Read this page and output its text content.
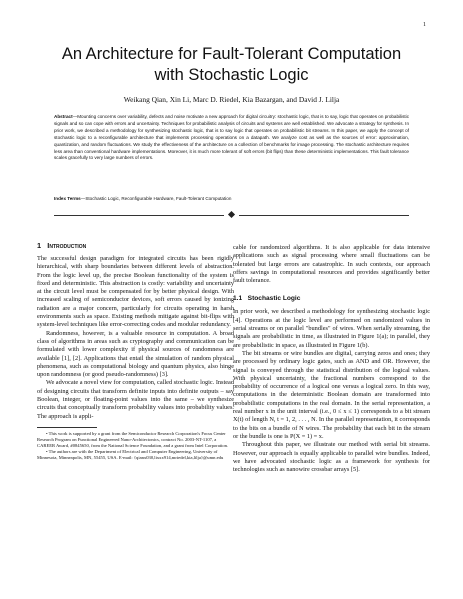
1
An Architecture for Fault-Tolerant Computation
with Stochastic Logic
Weikang Qian, Xin Li, Marc D. Riedel, Kia Bazargan, and David J. Lilja

Abstract—Mounting concerns over variability, defects and noise motivate a new approach for digital circuitry: stochastic logic, that is to say, logic that operates on probabilistic signals and so can cope with errors and uncertainty. Techniques for probabilistic analysis of circuits and systems are well established. We advocate a strategy for synthesis. In prior work, we described a methodology for synthesizing stochastic logic, that is to say logic that operates on probabilistic bit streams. In this paper, we apply the concept of stochastic logic to a reconfigurable architecture that implements processing operations on a datapath. We analyze cost as well as the sources of error: approximation, quantization, and random fluctuations. We study the effectiveness of the architecture on a collection of benchmarks for image processing. The stochastic architecture requires less area than conventional hardware implementations. Moreover, it is much more tolerant of soft errors (bit flips) than these deterministic implementations. This fault tolerance scales gracefully to very large numbers of errors.

Index Terms—Stochastic Logic, Reconfigurable Hardware, Fault-Tolerant Computation
1 Introduction

The successful design paradigm for integrated circuits has been rigidly hierarchical, with sharp boundaries between different levels of abstraction. From the logic level up, the precise Boolean functionality of the system is fixed and deterministic. This abstraction is costly: variability and uncertainty at the circuit level must be compensated for by better physical design. With increased scaling of semiconductor devices, soft errors caused by ionizing radiation are a major concern, particularly for circuits operating in harsh environments such as space. Existing methods mitigate against bit-flips with system-level techniques like error-correcting codes and modular redundancy.

Randomness, however, is a valuable resource in computation. A broad class of algorithms in areas such as cryptography and communication can be formulated with lower complexity if physical sources of randomness are available [1], [2]. Applications that entail the simulation of random physical phenomena, such as computational biology and quantum physics, also hinge upon randomness (or good pseudo-randomness) [3].

We advocate a novel view for computation, called stochastic logic. Instead of designing circuits that transform definite inputs into definite outputs – say Boolean, integer, or floating-point values into the same – we synthesize circuits that conceptually transform probability values into probability values. The approach is appli-

• This work is supported by a grant from the Semiconductor Research Corporation's Focus Center Research Program on Functional Engineered Nano-Architectonics, contract No. 2003-NT-1107, a CAREER Award, #0845650, from the National Science Foundation, and a grant from Intel Corporation.

• The authors are with the Department of Electrical and Computer Engineering, University of Minnesota, Minneapolis, MN, 55455, USA. E-mail: {qianx030,lixxx914,mriedel,kia,lilja}@umn.edu

cable for randomized algorithms. It is also applicable for data intensive applications such as signal processing where small fluctuations can be tolerated but large errors are catastrophic. In such contexts, our approach offers savings in computational resources and provides significantly better fault tolerance.

1.1 Stochastic Logic

In prior work, we described a methodology for synthesizing stochastic logic [4]. Operations at the logic level are performed on randomized values in serial streams or on parallel "bundles" of wires. When serially streaming, the signals are probabilistic in time, as illustrated in Figure 1(a); in parallel, they are probabilistic in space, as illustrated in Figure 1(b).

The bit streams or wire bundles are digital, carrying zeros and ones; they are processed by ordinary logic gates, such as AND and OR. However, the signal is conveyed through the statistical distribution of the logical values. With physical uncertainty, the fractional numbers correspond to the probability of occurrence of a logical one versus a logical zero. In this way, computations in the deterministic Boolean domain are transformed into probabilistic computations in the real domain. In the serial representation, a real number x in the unit interval (i.e., 0 ≤ x ≤ 1) corresponds to a bit stream X(t) of length N, t = 1, 2, . . . , N. In the parallel representation, it corresponds to the bits on a bundle of N wires. The probability that each bit in the stream or the bundle is one is P(X = 1) = x.

Throughout this paper, we illustrate our method with serial bit streams. However, our approach is equally applicable to parallel wire bundles. Indeed, we have advocated stochastic logic as a framework for synthesis for technologies such as nanowire crossbar arrays [5].
